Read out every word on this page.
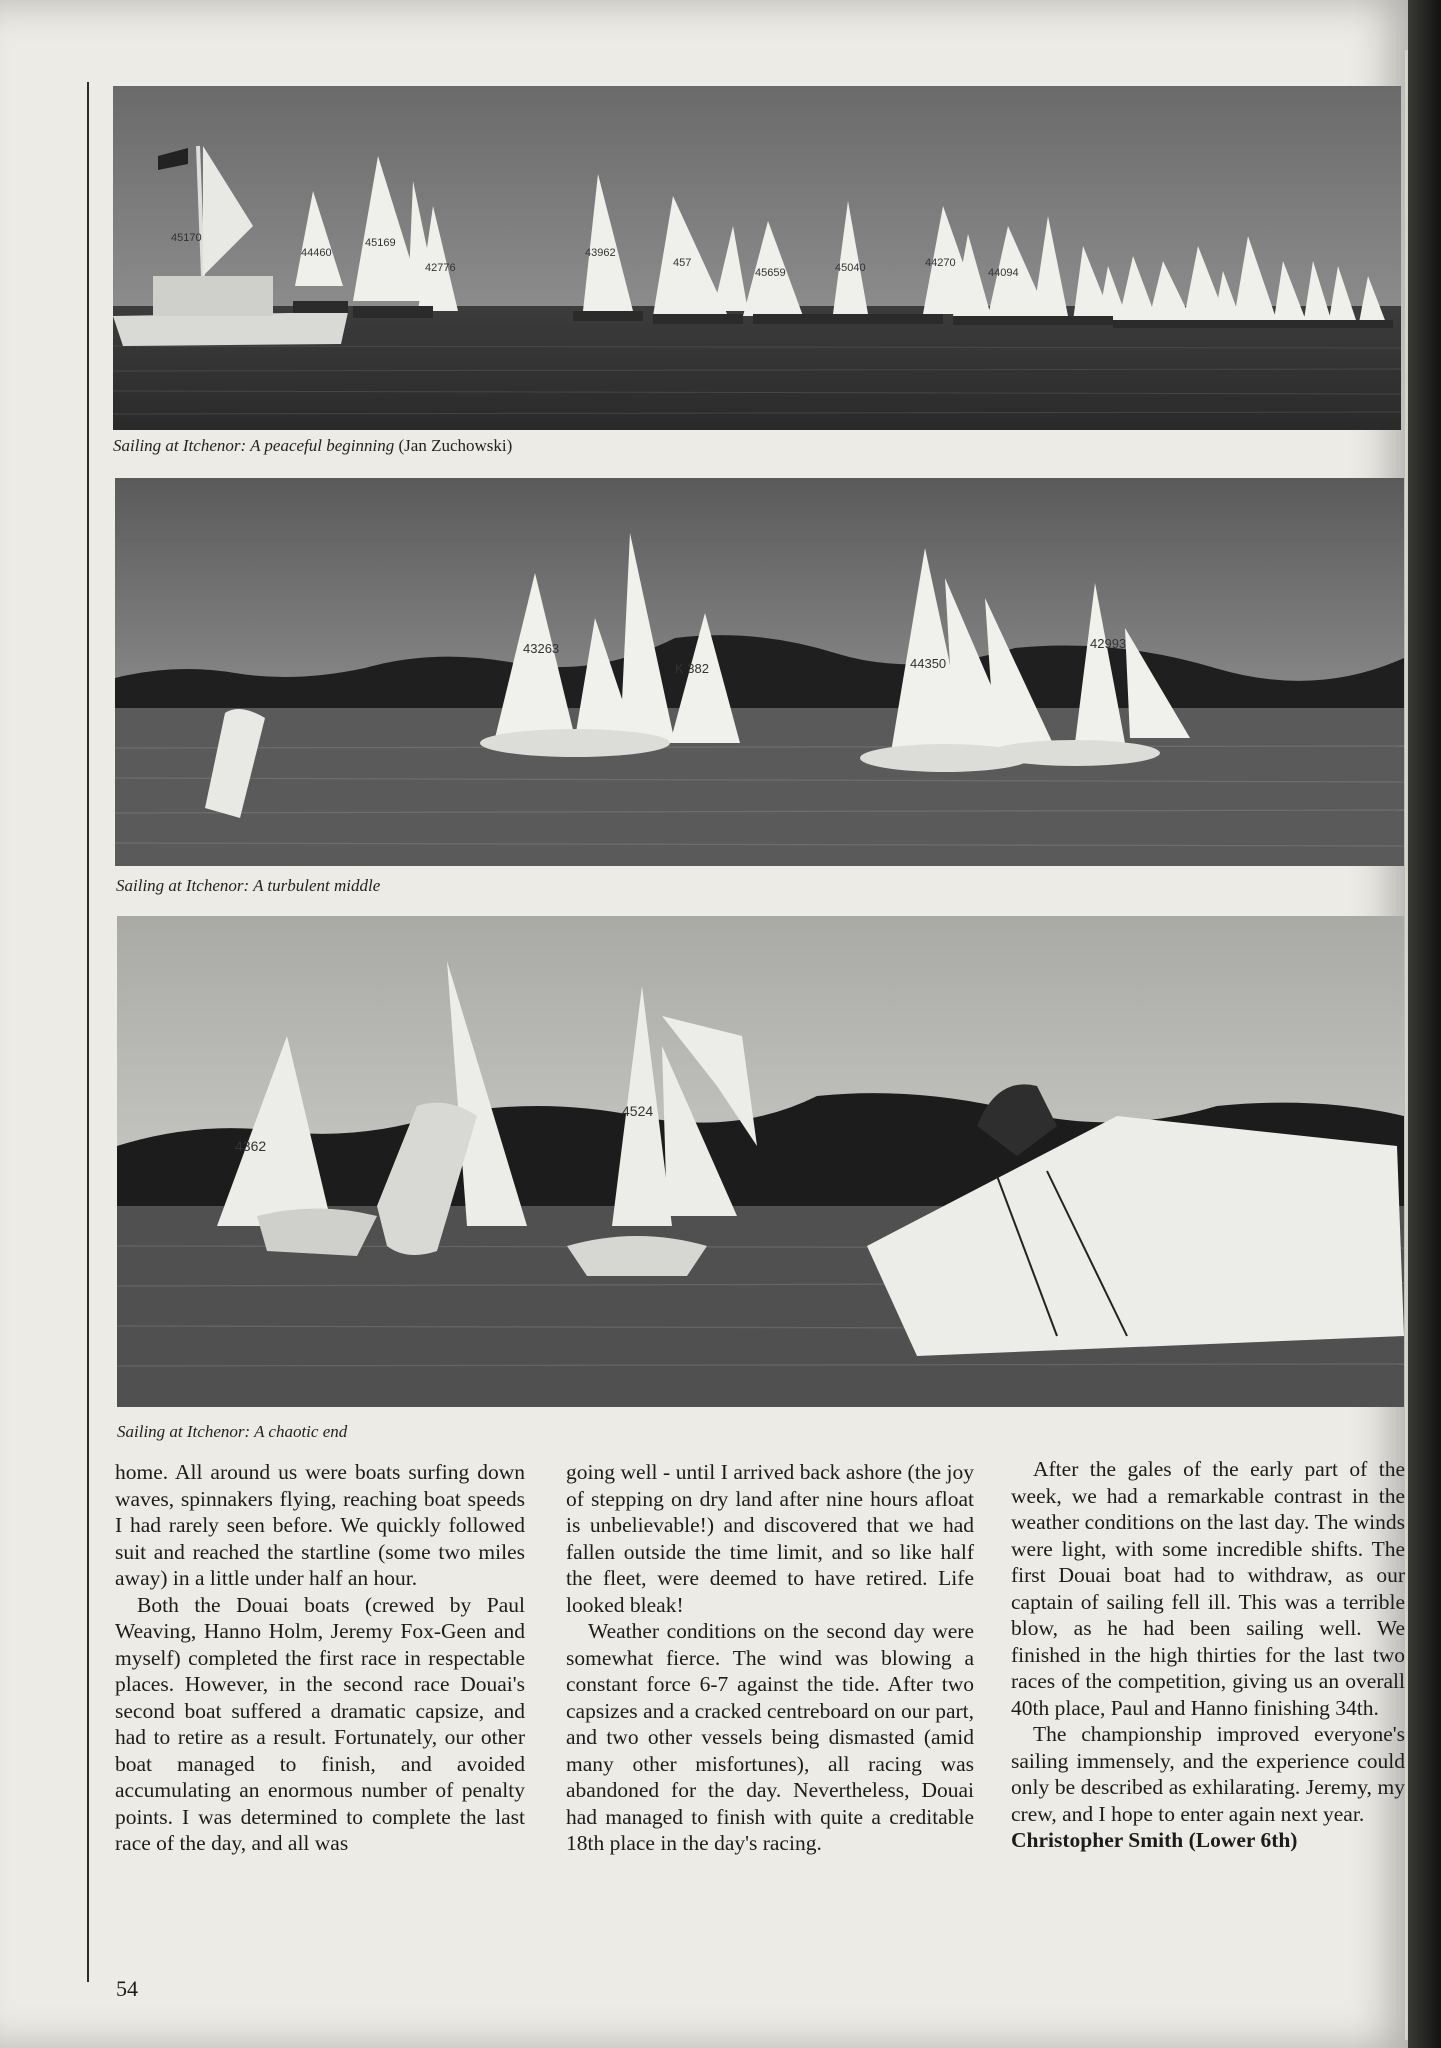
45170
44460
45169
42776
43962
457
45659	45040	44270
44094
Sailing at Itchenor: A peaceful beginning (Jan Zuchowski)
43263
K 382	44350
42993
Sailing at Itchenor: A turbulent middle
4524
4362
Sailing at Itchenor: A chaotic end

home. All around us were boats surfing down waves, spinnakers flying, reaching boat speeds I had rarely seen before. We quickly followed suit and reached the startline (some two miles away) in a little under half an hour.

Both the Douai boats (crewed by Paul Weaving, Hanno Holm, Jeremy Fox-Geen and myself) completed the first race in respectable places. However, in the second race Douai's second boat suffered a dramatic capsize, and had to retire as a result. Fortunately, our other boat managed to finish, and avoided accumulating an enormous number of penalty points. I was determined to complete the last race of the day, and all was

going well - until I arrived back ashore (the joy of stepping on dry land after nine hours afloat is unbelievable!) and discovered that we had fallen outside the time limit, and so like half the fleet, were deemed to have retired. Life looked bleak!

Weather conditions on the second day were somewhat fierce. The wind was blowing a constant force 6-7 against the tide. After two capsizes and a cracked centreboard on our part, and two other vessels being dismasted (amid many other misfortunes), all racing was abandoned for the day. Nevertheless, Douai had managed to finish with quite a creditable 18th place in the day's racing.

After the gales of the early part of the week, we had a remarkable contrast in the weather conditions on the last day. The winds were light, with some incredible shifts. The first Douai boat had to withdraw, as our captain of sailing fell ill. This was a terrible blow, as he had been sailing well. We finished in the high thirties for the last two races of the competition, giving us an overall 40th place, Paul and Hanno finishing 34th.

The championship improved everyone's sailing immensely, and the experience could only be described as exhilarating. Jeremy, my crew, and I hope to enter again next year.

Christopher Smith (Lower 6th)

54
